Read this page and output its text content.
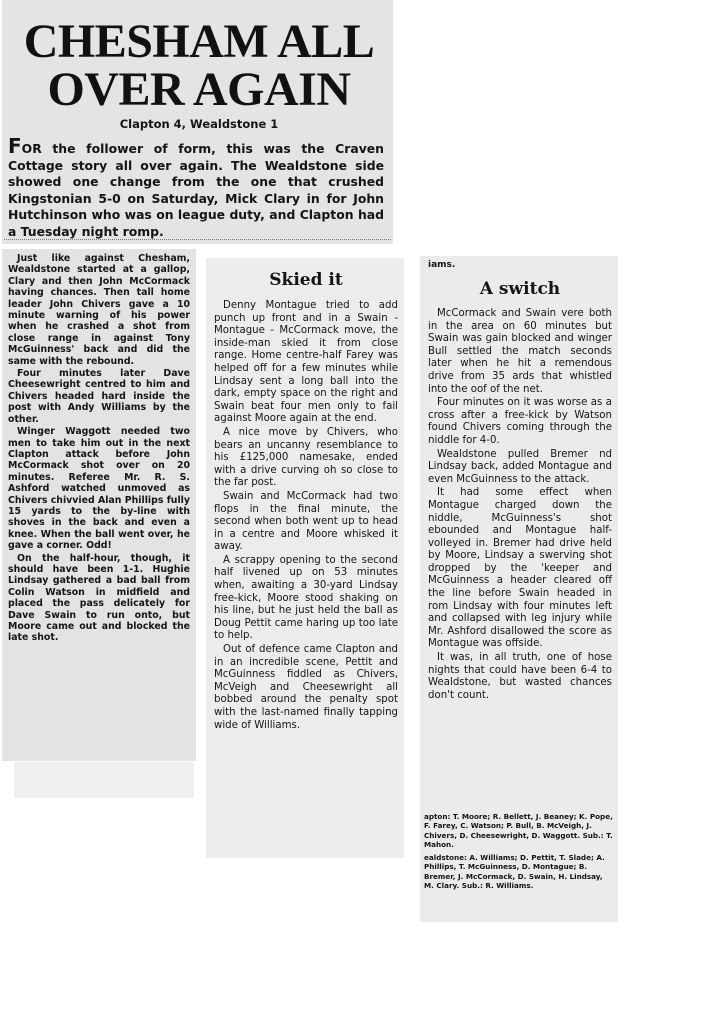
CHESHAM ALL OVER AGAIN
Clapton 4, Wealdstone 1

FOR the follower of form, this was the Craven Cottage story all over again. The Wealdstone side showed one change from the one that crushed Kingstonian 5-0 on Saturday, Mick Clary in for John Hutchinson who was on league duty, and Clapton had a Tuesday night romp.

Just like against Chesham, Wealdstone started at a gallop, Clary and then John McCormack having chances. Then tall home leader John Chivers gave a 10 minute warning of his power when he crashed a shot from close range in against Tony McGuinness' back and did the same with the rebound.

Four minutes later Dave Cheesewright centred to him and Chivers headed hard inside the post with Andy Williams by the other.

Winger Waggott needed two men to take him out in the next Clapton attack before John McCormack shot over on 20 minutes. Referee Mr. R. S. Ashford watched unmoved as Chivers chivvied Alan Phillips fully 15 yards to the by-line with shoves in the back and even a knee. When the ball went over, he gave a corner. Odd!

On the half-hour, though, it should have been 1-1. Hughie Lindsay gathered a bad ball from Colin Watson in midfield and placed the pass delicately for Dave Swain to run onto, but Moore came out and blocked the late shot.

Skied it

Denny Montague tried to add punch up front and in a Swain - Montague - McCormack move, the inside-man skied it from close range. Home centre-half Farey was helped off for a few minutes while Lindsay sent a long ball into the dark, empty space on the right and Swain beat four men only to fail against Moore again at the end.

A nice move by Chivers, who bears an uncanny resemblance to his £125,000 namesake, ended with a drive curving oh so close to the far post.

Swain and McCormack had two flops in the final minute, the second when both went up to head in a centre and Moore whisked it away.

A scrappy opening to the second half livened up on 53 minutes when, awaiting a 30-yard Lindsay free-kick, Moore stood shaking on his line, but he just held the ball as Doug Pettit came haring up too late to help.

Out of defence came Clapton and in an incredible scene, Pettit and McGuinness fiddled as Chivers, McVeigh and Cheesewright all bobbed around the penalty spot with the last-named finally tapping wide of Williams.

iams.
A switch

McCormack and Swain vere both in the area on 60 minutes but Swain was gain blocked and winger Bull settled the match seconds later when he hit a remendous drive from 35 ards that whistled into the oof of the net.

Four minutes on it was worse as a cross after a free-kick by Watson found Chivers coming through the niddle for 4-0.

Wealdstone pulled Bremer nd Lindsay back, added Montague and even McGuinness to the attack.

It had some effect when Montague charged down the niddle, McGuinness's shot ebounded and Montague half-volleyed in. Bremer had drive held by Moore, Lindsay a swerving shot dropped by the 'keeper and McGuinness a header cleared off the line before Swain headed in rom Lindsay with four minutes left and collapsed with leg injury while Mr. Ashford disallowed the score as Montague was offside.

It was, in all truth, one of hose nights that could have been 6-4 to Wealdstone, but wasted chances don't count.

apton: T. Moore; R. Bellett, J. Beaney; K. Pope, F. Farey, C. Watson; P. Bull, B. McVeigh, J. Chivers, D. Cheesewright, D. Waggott. Sub.: T. Mahon.

ealdstone: A. Williams; D. Pettit, T. Slade; A. Phillips, T. McGuinness, D. Montague; B. Bremer, J. McCormack, D. Swain, H. Lindsay, M. Clary. Sub.: R. Williams.
